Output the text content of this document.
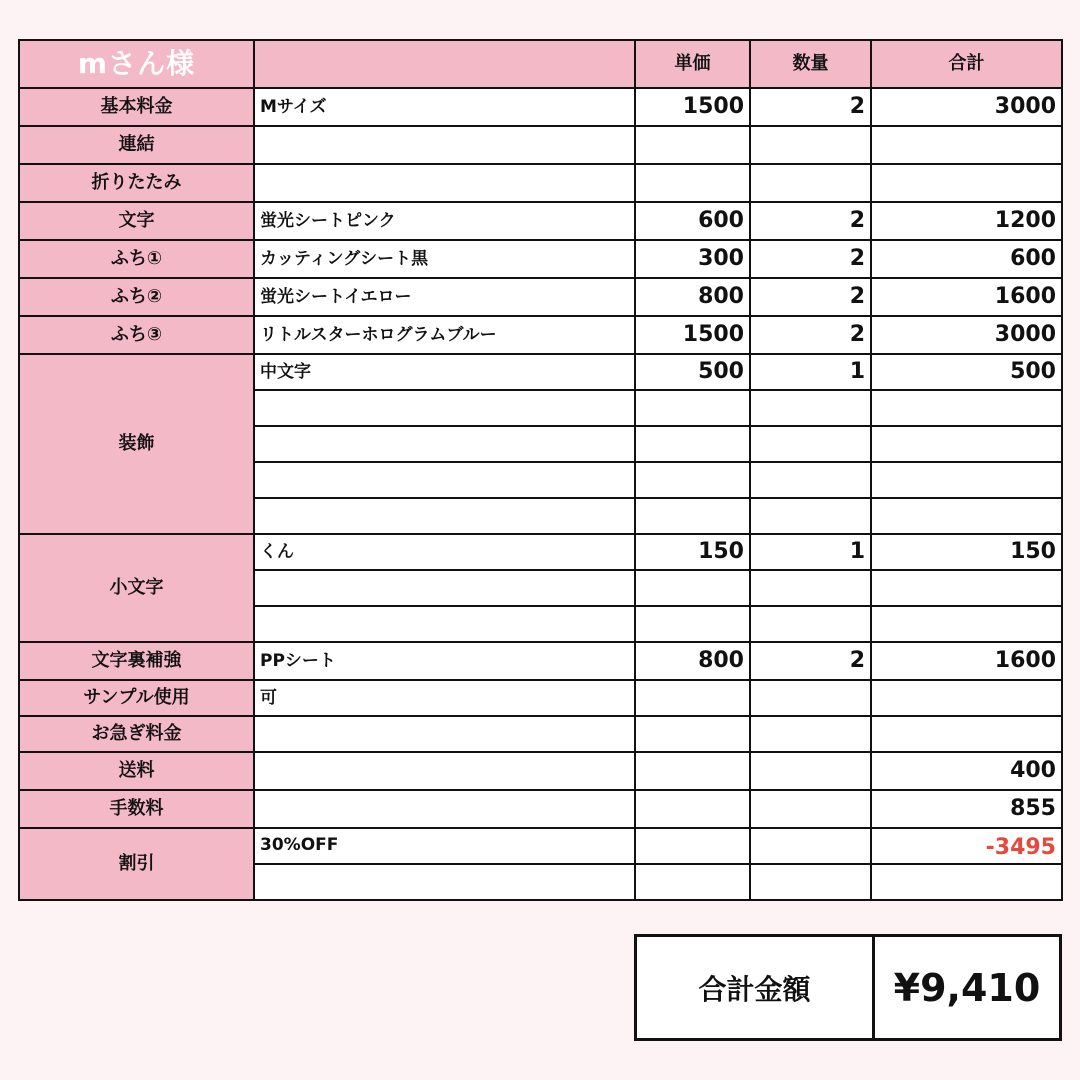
mさん様		単価	数量	合計
基本料金	Mサイズ	1500	2	3000
連結				
折りたたみ				
文字	蛍光シートピンク	600	2	1200
ふち①	カッティングシート黒	300	2	600
ふち②	蛍光シートイエロー	800	2	1600
ふち③	リトルスターホログラムブルー	1500	2	3000
装飾	中文字	500	1	500

小文字	くん	150	1	150

文字裏補強	PPシート	800	2	1600
サンプル使用	可			
お急ぎ料金				
送料				400
手数料				855
割引	30%OFF			-3495

合計金額	¥9,410
